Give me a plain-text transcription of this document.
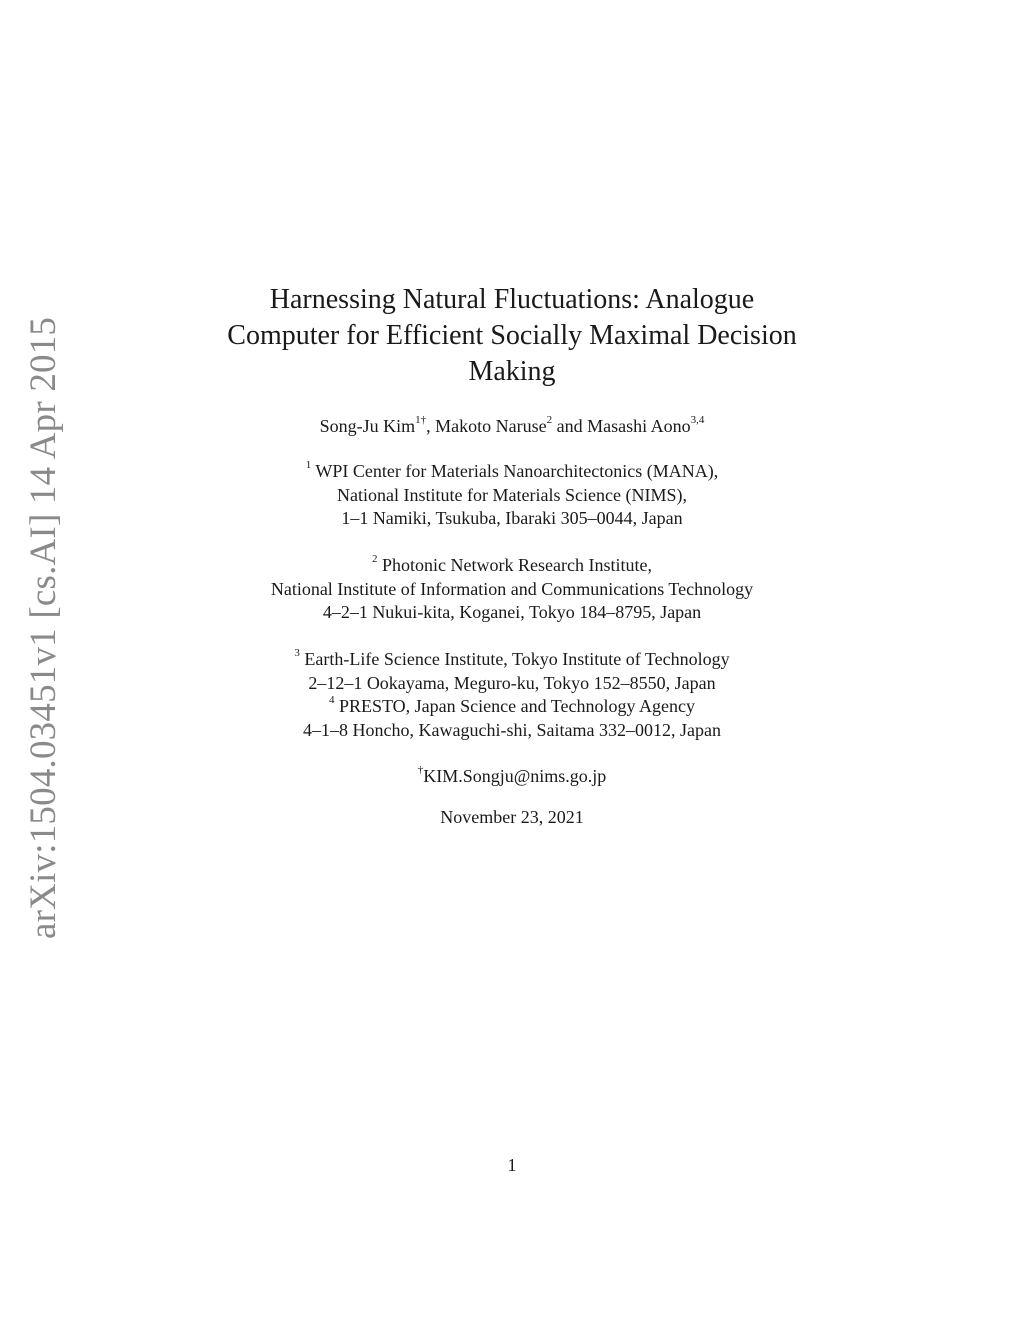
arXiv:1504.03451v1 [cs.AI] 14 Apr 2015
Harnessing Natural Fluctuations: Analogue
Computer for Efficient Socially Maximal Decision
Making
Song-Ju Kim$^{1\dagger}$, Makoto Naruse$^2$ and Masashi Aono$^{3,4}$
$^1$ WPI Center for Materials Nanoarchitectonics (MANA),
National Institute for Materials Science (NIMS),
1–1 Namiki, Tsukuba, Ibaraki 305–0044, Japan
$^2$ Photonic Network Research Institute,
National Institute of Information and Communications Technology
4–2–1 Nukui-kita, Koganei, Tokyo 184–8795, Japan
$^3$ Earth-Life Science Institute, Tokyo Institute of Technology
2–12–1 Ookayama, Meguro-ku, Tokyo 152–8550, Japan
$^4$ PRESTO, Japan Science and Technology Agency
4–1–8 Honcho, Kawaguchi-shi, Saitama 332–0012, Japan
†KIM.Songju@nims.go.jp
November 23, 2021
1
